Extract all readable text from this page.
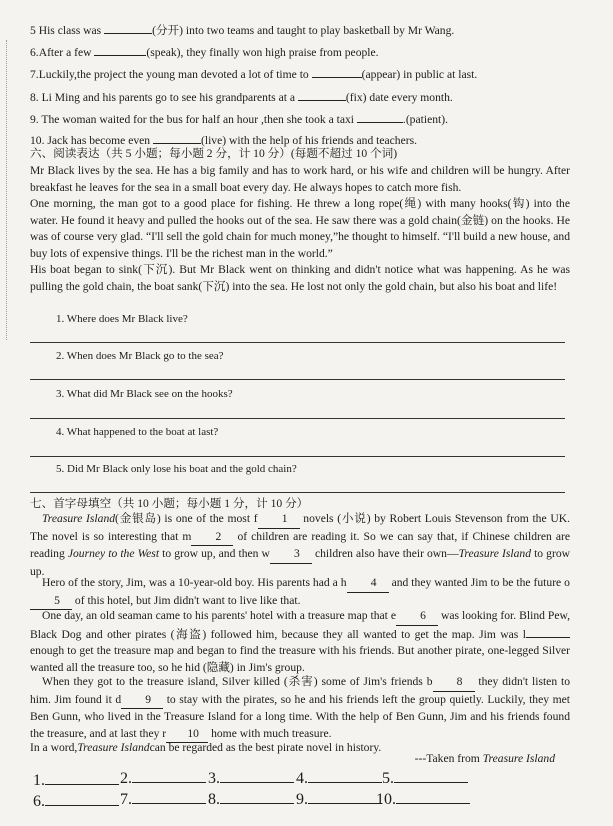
5 His class was	(分开) into two teams and taught to play basketball by Mr Wang.
6.After a few	(speak), they finally won high praise from people.
7.Luckily,the project the young man devoted a lot of time to	(appear) in public at last.
8. Li Ming and his parents go to see his grandparents at a	(fix) date every month.
9. The woman waited for the bus for half an hour ,then she took a taxi	.(patient).
10. Jack has become even	(live) with the help of his friends and teachers.
六、阅读表达（共 5 小题；每小题 2 分，计 10 分）(每题不超过 10 个词)
Mr Black lives by the sea. He has a big family and has to work hard, or his wife and children will be hungry. After breakfast he leaves for the sea in a small boat every day. He always hopes to catch more fish.
One morning, the man got to a good place for fishing. He threw a long rope(绳) with many hooks(钩) into the water. He found it heavy and pulled the hooks out of the sea. He saw there was a gold chain(金链) on the hooks. He was of course very glad. “I'll sell the gold chain for much money,”he thought to himself. “I'll build a new house, and buy lots of expensive things. I'll be the richest man in the world.”
His boat began to sink(下沉). But Mr Black went on thinking and didn't notice what was happening. As he was pulling the gold chain, the boat sank(下沉) into the sea. He lost not only the gold chain, but also his boat and life!
1. Where does Mr Black live?
2. When does Mr Black go to the sea?
3. What did Mr Black see on the hooks?
4. What happened to the boat at last?
5. Did Mr Black only lose his boat and the gold chain?
七、首字母填空（共 10 小题；每小题 1 分，计 10 分）
Treasure Island(金银岛) is one of the most f 1 novels (小说) by Robert Louis Stevenson from the UK. The novel is so interesting that m 2 of children are reading it. So we can say that, if Chinese children are reading Journey to the West to grow up, and then w 3 children also have their own—Treasure Island to grow up.
Hero of the story, Jim, was a 10-year-old boy. His parents had a h 4 and they wanted Jim to be the future o5 of this hotel, but Jim didn't want to live like that.
One day, an old seaman came to his parents' hotel with a treasure map that e 6 was looking for. Blind Pew, Black Dog and other pirates (海盗) followed him, because they all wanted to get the map. Jim was l enough to get the treasure map and began to find the treasure with his friends. But another pirate, one-legged Silver wanted all the treasure too, so he hid (隐藏) in Jim's group.
When they got to the treasure island, Silver killed (杀害) some of Jim's friends b 8 they didn't listen to him. Jim found it d 9 to stay with the pirates, so he and his friends left the group quietly. Luckily, they met Ben Gunn, who lived in the Treasure Island for a long time. With the help of Ben Gunn, Jim and his friends found the treasure, and at last they r 10 home with much treasure.
In a word,Treasure Islandcan be regarded as the best pirate novel in history.
---Taken from Treasure Island
1.	2.	3.	4.	5.
6.	7.	8.	9.	10.
